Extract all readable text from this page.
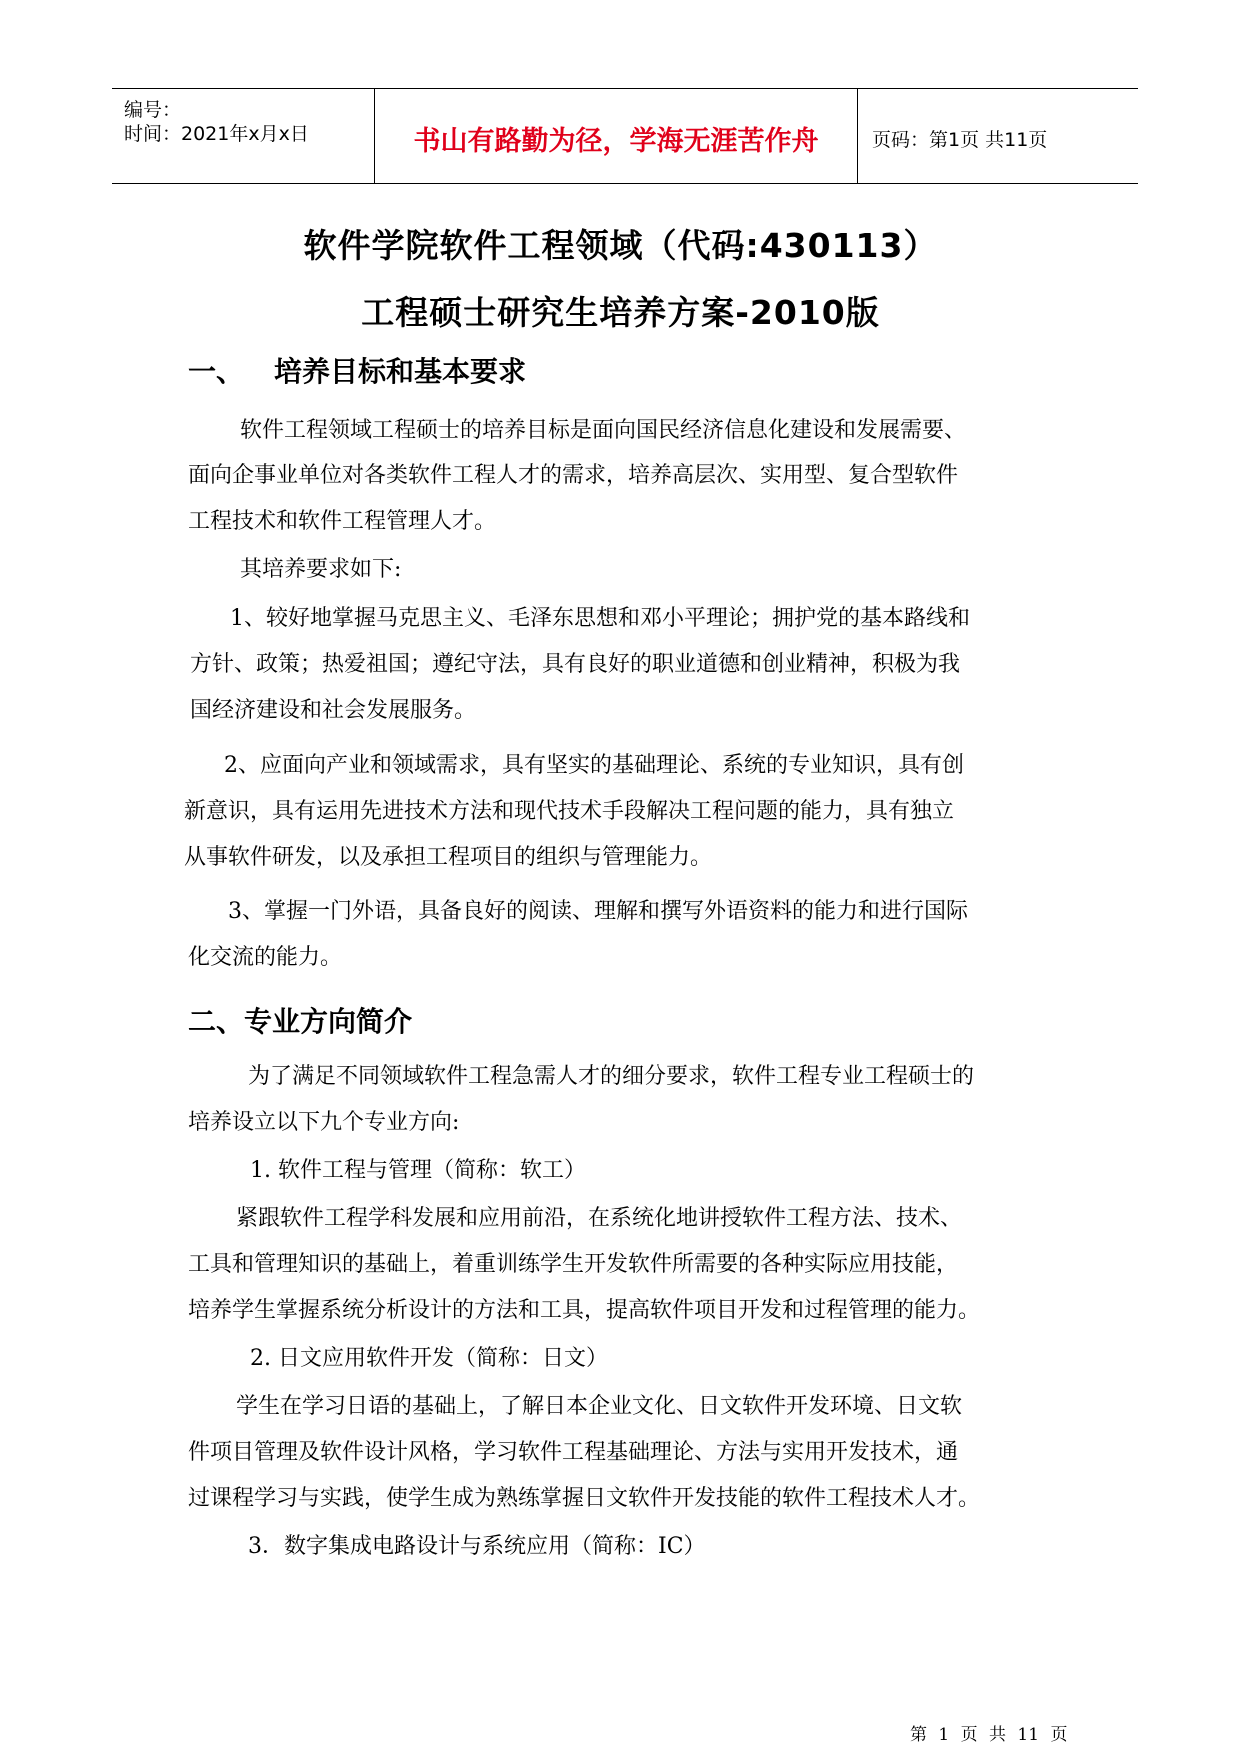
编号：
时间：2021年x月x日	书山有路勤为径，学海无涯苦作舟	页码：第1页 共11页
软件学院软件工程领域（代码:430113）
工程硕士研究生培养方案-2010版
一、 培养目标和基本要求
软件工程领域工程硕士的培养目标是面向国民经济信息化建设和发展需要、
面向企事业单位对各类软件工程人才的需求，培养高层次、实用型、复合型软件
工程技术和软件工程管理人才。
其培养要求如下:
1、较好地掌握马克思主义、毛泽东思想和邓小平理论；拥护党的基本路线和
方针、政策；热爱祖国；遵纪守法，具有良好的职业道德和创业精神，积极为我
国经济建设和社会发展服务。
2、应面向产业和领域需求，具有坚实的基础理论、系统的专业知识，具有创
新意识，具有运用先进技术方法和现代技术手段解决工程问题的能力，具有独立
从事软件研发，以及承担工程项目的组织与管理能力。
3、掌握一门外语，具备良好的阅读、理解和撰写外语资料的能力和进行国际
化交流的能力。
二、专业方向简介
为了满足不同领域软件工程急需人才的细分要求，软件工程专业工程硕士的
培养设立以下九个专业方向:
1. 软件工程与管理（简称：软工）
紧跟软件工程学科发展和应用前沿，在系统化地讲授软件工程方法、技术、
工具和管理知识的基础上，着重训练学生开发软件所需要的各种实际应用技能，
培养学生掌握系统分析设计的方法和工具，提高软件项目开发和过程管理的能力。
2. 日文应用软件开发（简称：日文）
学生在学习日语的基础上，了解日本企业文化、日文软件开发环境、日文软
件项目管理及软件设计风格，学习软件工程基础理论、方法与实用开发技术，通
过课程学习与实践，使学生成为熟练掌握日文软件开发技能的软件工程技术人才。
3．数字集成电路设计与系统应用（简称：IC）
第 1 页 共 11 页
